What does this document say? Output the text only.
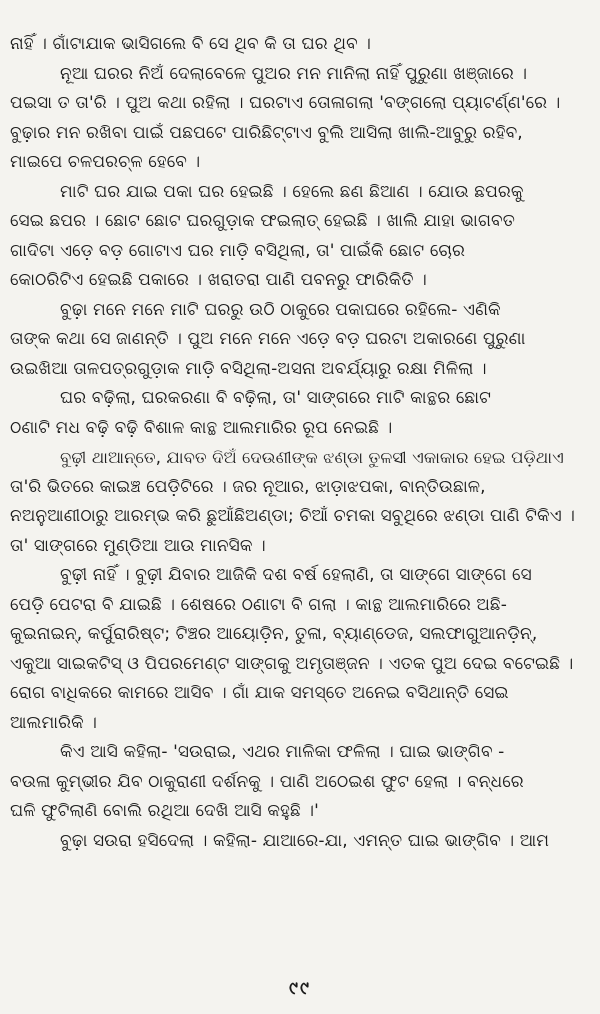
ନାହିଁ । ଗାଁଟାଯାକ ଭାସିଗଲେ ବି ସେ ଥିବ କି ତା ଘର ଥିବ ।
ନୂଆ ଘରର ନିଅଁ ଦେଲାବେଳେ ପୁଅର ମନ ମାନିଲା ନାହିଁ ପୁରୁଣା ଖଞ୍ଜାରେ ।
ପଇସା ତ ତା'ରି । ପୁଅ କଥା ରହିଲା । ଘରଟାଏ ତୋଳାଗଲା 'ବଙ୍ଗଲୋ ପ୍ୟାଟର୍ଣ୍ଣ'ରେ ।
ବୁଢ଼ାର ମନ ରଖିବା ପାଇଁ ପଛପଟେ ପାରିଛିଟ୍‌ଟାଏ ବୁଲି ଆସିଲା ଖାଲି-ଆବୁରୁ ରହିବ,
ମାଇପେ ଚଳପରଚ୍ଳ ହେବେ ।
ମାଟି ଘର ଯାଇ ପକା ଘର ହେଇଛି । ହେଲେ ଛଣ ଛିଆଣ । ଯୋଉ ଛପରକୁ
ସେଇ ଛପର । ଛୋଟ ଛୋଟ ଘରଗୁଡ଼ାକ ଫଇଲାତ୍ ହେଇଛି । ଖାଲି ଯାହା ଭାଗବତ
ଗାଦିଟା ଏଡ଼େ ବଡ଼ ଗୋଟାଏ ଘର ମାଡ଼ି ବସିଥିଲା, ତା' ପାଇଁକି ଛୋଟ ଚୋର
କୋଠରିଟିଏ ହେଇଛି ପକାରେ । ଖରାତରା ପାଣି ପବନରୁ ଫାରିକିତି ।
ବୁଢ଼ା ମନେ ମନେ ମାଟି ଘରରୁ ଉଠି ଠାକୁରେ ପକାଘରେ ରହିଲେ- ଏଣିକି
ତାଙ୍କ କଥା ସେ ଜାଣନ୍ତି । ପୁଅ ମନେ ମନେ ଏଡ଼େ ବଡ଼ ଘରଟା ଅକାରଣେ ପୁରୁଣା
ଉଇଖିଆ ତାଳପତ୍ରଗୁଡ଼ାକ ମାଡ଼ି ବସିଥିଲା-ଅସନା ଅବର୍ଯ୍ୟାରୁ ରକ୍ଷା ମିଳିଲା ।
ଘର ବଢ଼ିଲା, ଘରକରଣା ବି ବଢ଼ିଲା, ତା' ସାଙ୍ଗରେ ମାଟି କାନ୍ଥର ଛୋଟ
ଠଣାଟି ମଧ ବଢ଼ି ବଢ଼ି ବିଶାଳ କାନ୍ଥ ଆଲମାରିର ରୂପ ନେଇଛି ।
ବୁଢ଼ୀ ଥାଆନ୍ତେ, ଯାବତ ଦିଅଁ ଦେଉଣୀଙ୍କ ଝଣ୍ଡା ତୁଳସୀ ଏକାକାର ହେଇ ପଡ଼ିଥାଏ
ତା'ରି ଭିତରେ କାଇଞ୍ଚ ପେଡ଼ିଟିରେ । ଜର ନୂଆର, ଝାଡ଼ାଝପକା, ବାନ୍ତିଉଛାଳ,
ନଅନୁଆଣୀଠାରୁ ଆରମ୍ଭ କରି ଛୁଆଁଛିଅଣ୍ଡା; ଚିଆଁ ଚମକା ସବୁଥିରେ ଝଣ୍ଡା ପାଣି ଟିକିଏ ।
ତା' ସାଙ୍ଗରେ ମୁଣ୍ଡିଆ ଆଉ ମାନସିକ ।
ବୁଢ଼ୀ ନାହିଁ । ବୁଢ଼ୀ ଯିବାର ଆଜିକି ଦଶ ବର୍ଷ ହେଲାଣି, ତା ସାଙ୍ଗେ ସାଙ୍ଗେ ସେ
ପେଡ଼ି ପେଟରା ବି ଯାଇଛି । ଶେଷରେ ଠଣାଟା ବି ଗଲା । କାନ୍ଥ ଆଲମାରିରେ ଅଛି-
କୁଇନାଇନ୍, କର୍ପୁରାରିଷ୍ଟ; ଟିଞ୍ଚର ଆୟୋଡ଼ିନ, ତୁଳା, ବ୍ୟାଣ୍ଡେଜ, ସଲଫାଗୁଆନଡ଼ିନ୍,
ଏକୁଆ ସାଇକଟିସ୍ ଓ ପିପରମେଣ୍ଟ ସାଙ୍ଗକୁ ଅମୃତାଞ୍ଜନ । ଏତକ ପୁଅ ଦେଇ ବଟେଇଛି ।
ରୋଗ ବାଧିକରେ କାମରେ ଆସିବ । ଗାଁ ଯାକ ସମସ୍ତେ ଅନେଇ ବସିଥାନ୍ତି ସେଇ
ଆଲମାରିକି ।
କିଏ ଆସି କହିଲା- 'ସଉରାଇ, ଏଥର ମାଳିକା ଫଳିଲା । ଘାଇ ଭାଙ୍ଗିବ -
ବଉଳା କୁମ୍ଭୀର ଯିବ ଠାକୁରାଣୀ ଦର୍ଶନକୁ । ପାଣି ଅଠେଇଶ ଫୁଟ ହେଲା । ବନ୍ଧରେ
ଘଳି ଫୁଟିଲାଣି ବୋଲି ରଥିଆ ଦେଖି ଆସି କହୁଛି ।'
ବୁଢ଼ା ସଉରା ହସିଦେଲା । କହିଲା- ଯାଆରେ-ଯା, ଏମନ୍ତ ଘାଇ ଭାଙ୍ଗିବ । ଆମ
୯୯
